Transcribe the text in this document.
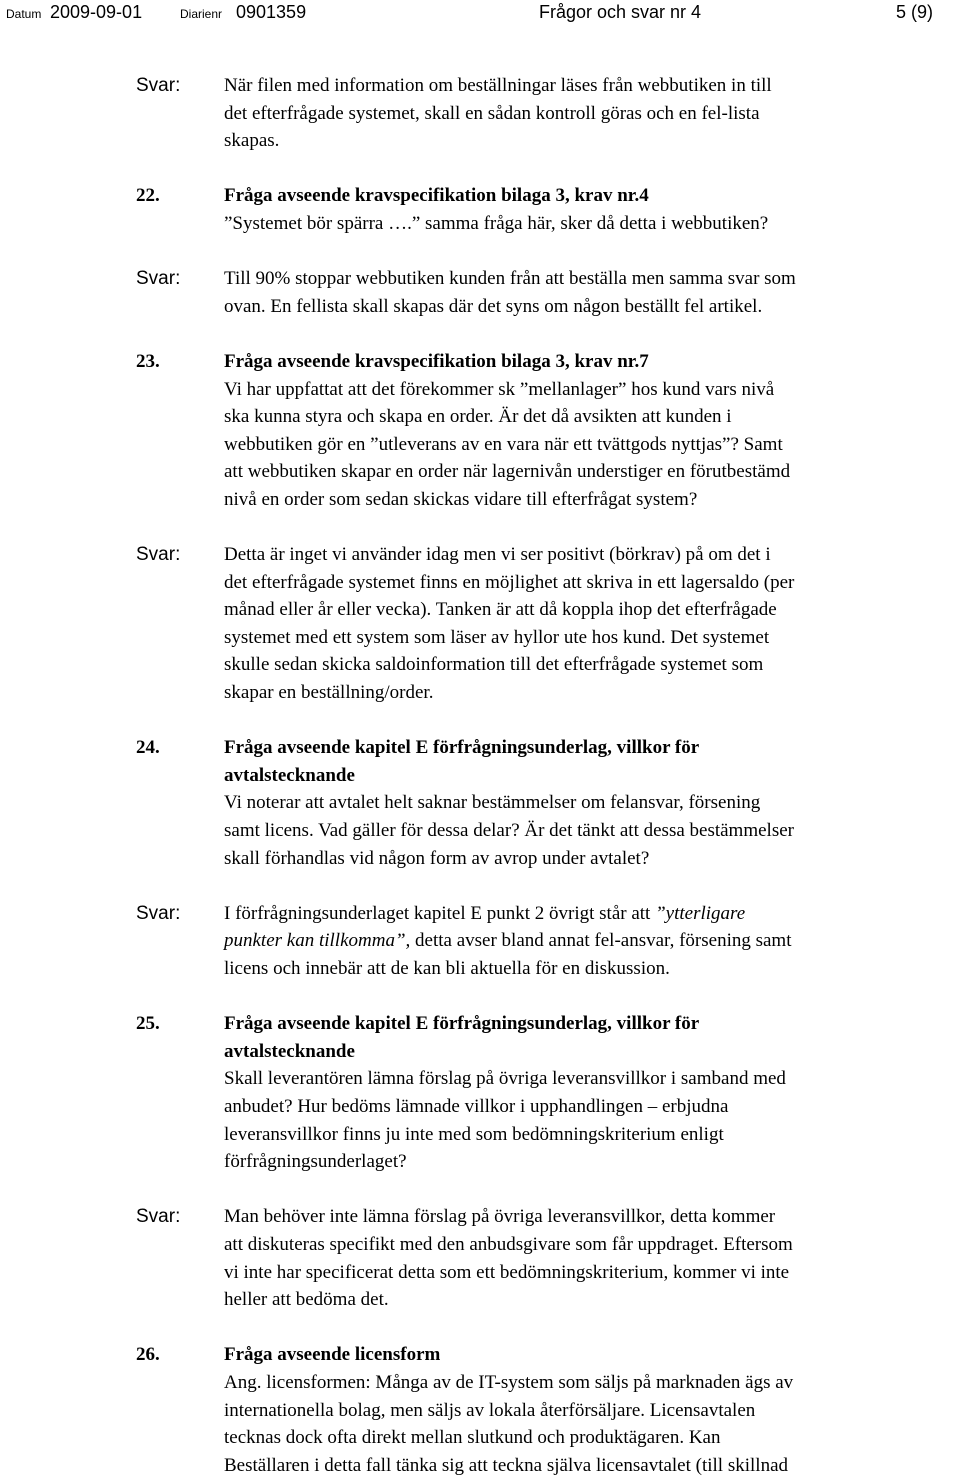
Datum 2009-09-01	Diarienr 0901359	Frågor och svar nr 4	5 (9)
Svar:	När filen med information om beställningar läses från webbutiken in till
det efterfrågade systemet, skall en sådan kontroll göras och en fel-lista
skapas.
22.	Fråga avseende kravspecifikation bilaga 3, krav nr.4
”Systemet bör spärra ….” samma fråga här, sker då detta i webbutiken?
Svar:	Till 90% stoppar webbutiken kunden från att beställa men samma svar som
ovan. En fellista skall skapas där det syns om någon beställt fel artikel.
23.	Fråga avseende kravspecifikation bilaga 3, krav nr.7
Vi har uppfattat att det förekommer sk ”mellanlager” hos kund vars nivå
ska kunna styra och skapa en order. Är det då avsikten att kunden i
webbutiken gör en ”utleverans av en vara när ett tvättgods nyttjas”? Samt
att webbutiken skapar en order när lagernivån understiger en förutbestämd
nivå en order som sedan skickas vidare till efterfrågat system?
Svar:	Detta är inget vi använder idag men vi ser positivt (börkrav) på om det i
det efterfrågade systemet finns en möjlighet att skriva in ett lagersaldo (per
månad eller år eller vecka). Tanken är att då koppla ihop det efterfrågade
systemet med ett system som läser av hyllor ute hos kund. Det systemet
skulle sedan skicka saldoinformation till det efterfrågade systemet som
skapar en beställning/order.
24.	Fråga avseende kapitel E förfrågningsunderlag, villkor för
avtalstecknande
Vi noterar att avtalet helt saknar bestämmelser om felansvar, försening
samt licens. Vad gäller för dessa delar? Är det tänkt att dessa bestämmelser
skall förhandlas vid någon form av avrop under avtalet?
Svar:	I förfrågningsunderlaget kapitel E punkt 2 övrigt står att ”ytterligare
punkter kan tillkomma”, detta avser bland annat fel-ansvar, försening samt
licens och innebär att de kan bli aktuella för en diskussion.
25.	Fråga avseende kapitel E förfrågningsunderlag, villkor för
avtalstecknande
Skall leverantören lämna förslag på övriga leveransvillkor i samband med
anbudet? Hur bedöms lämnade villkor i upphandlingen – erbjudna
leveransvillkor finns ju inte med som bedömningskriterium enligt
förfrågningsunderlaget?
Svar:	Man behöver inte lämna förslag på övriga leveransvillkor, detta kommer
att diskuteras specifikt med den anbudsgivare som får uppdraget. Eftersom
vi inte har specificerat detta som ett bedömningskriterium, kommer vi inte
heller att bedöma det.
26.	Fråga avseende licensform
Ang. licensformen: Många av de IT-system som säljs på marknaden ägs av
internationella bolag, men säljs av lokala återförsäljare. Licensavtalen
tecknas dock ofta direkt mellan slutkund och produktägaren. Kan
Beställaren i detta fall tänka sig att teckna själva licensavtalet (till skillnad
